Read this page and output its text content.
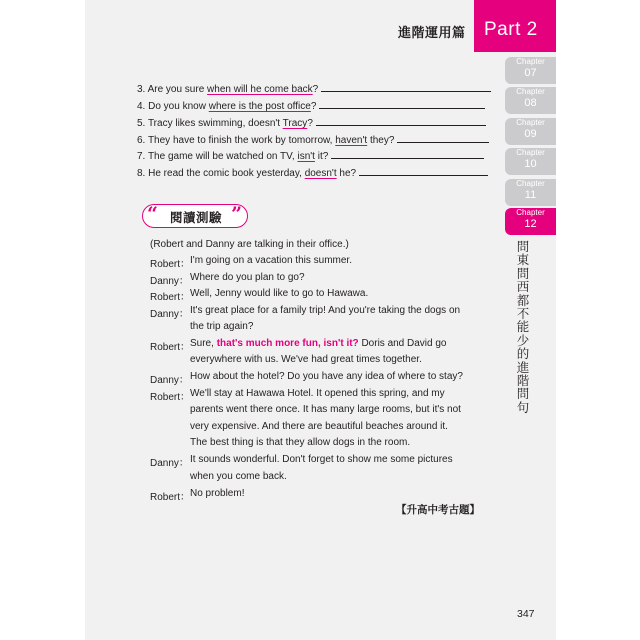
進階運用篇 Part 2
Chapter
07
Chapter
08
Chapter
09
Chapter
10
Chapter
11
Chapter
12
問東問西都不能少的進階問句
3. Are you sure when will he come back?
4. Do you know where is the post office?
5. Tracy likes swimming, doesn't Tracy?
6. They have to finish the work by tomorrow, haven't they?
7. The game will be watched on TV, isn't it?
8. He read the comic book yesterday, doesn't he?
“ 閱讀測驗 ”
(Robert and Danny are talking in their office.)
Robert： I'm going on a vacation this summer.
Danny： Where do you plan to go?
Robert： Well, Jenny would like to go to Hawawa.
Danny： It's great place for a family trip! And you're taking the dogs on
the trip again?
Robert： Sure, that's much more fun, isn't it? Doris and David go
everywhere with us. We've had great times together.
Danny： How about the hotel? Do you have any idea of where to stay?
Robert： We'll stay at Hawawa Hotel. It opened this spring, and my
parents went there once. It has many large rooms, but it's not
very expensive. And there are beautiful beaches around it.
The best thing is that they allow dogs in the room.
Danny： It sounds wonderful. Don't forget to show me some pictures
when you come back.
Robert： No problem!
【升高中考古題】
347
